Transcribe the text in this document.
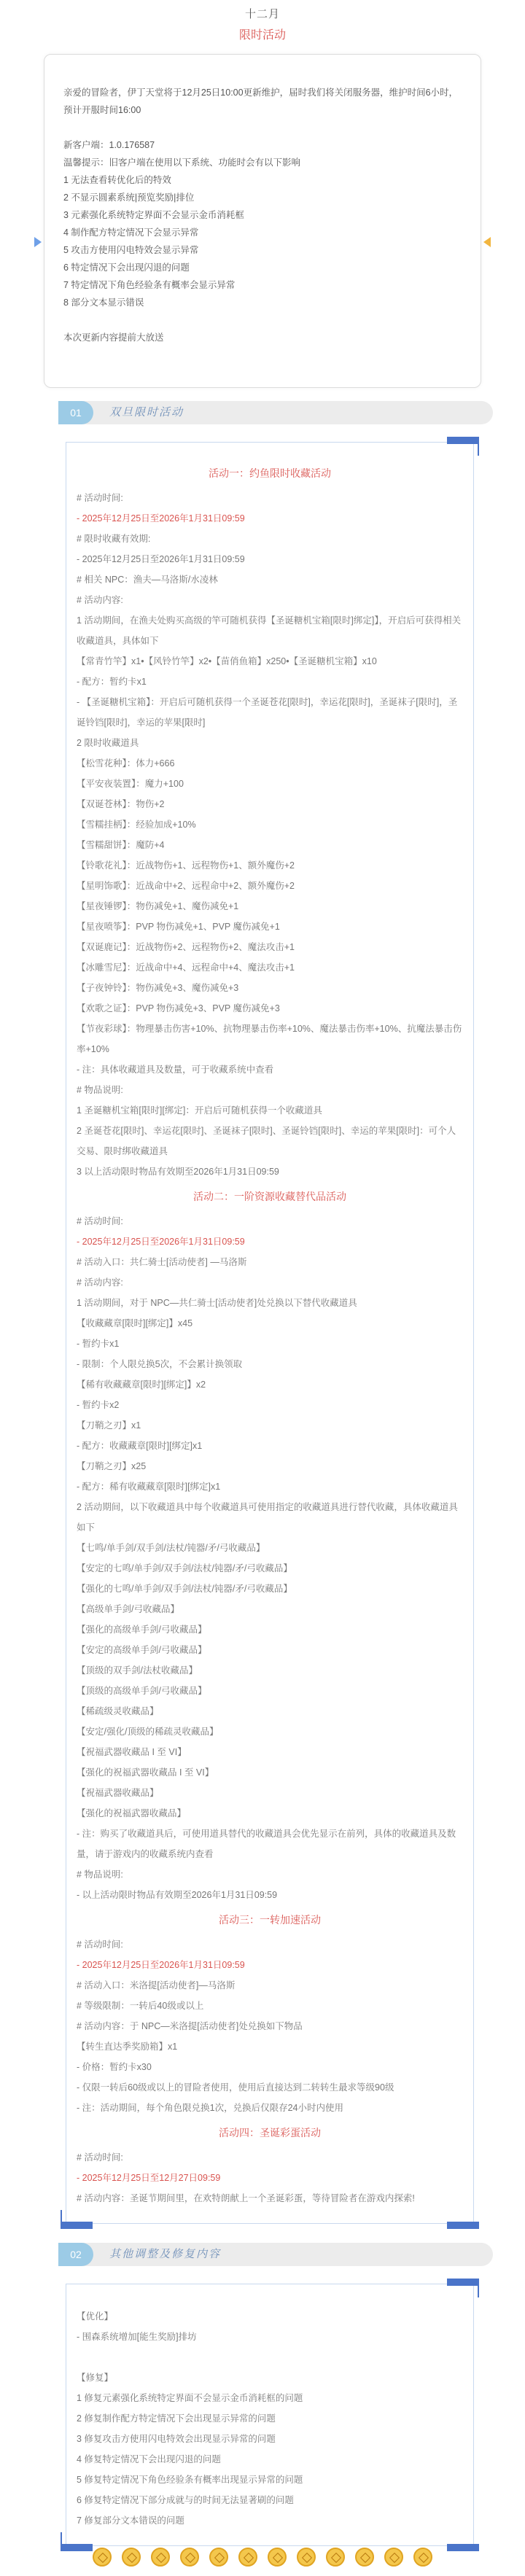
十二月
限时活动

亲爱的冒险者，伊丁天堂将于12月25日10:00更新维护，届时我们将关闭服务器，维护时间6小时，预计开服时间16:00

新客户端：1.0.176587

温馨提示：旧客户端在使用以下系统、功能时会有以下影响

1 无法查看转优化后的特效

2 不显示圆素系统|预览奖励|排位

3 元素强化系统特定界面不会显示金币消耗框

4 制作配方特定情况下会显示异常

5 攻击方使用闪电特效会显示异常

6 特定情况下会出现闪退的问题

7 特定情况下角色经验条有概率会显示异常

8 部分文本显示错误

本次更新内容提前大放送

01	双旦限时活动

活动一：约鱼限时收藏活动

# 活动时间:

- 2025年12月25日至2026年1月31日09:59

# 限时收藏有效期:

- 2025年12月25日至2026年1月31日09:59

# 相关 NPC：渔夫—马洛斯/水凌林

# 活动内容:

1 活动期间，在渔夫处购买高级的竿可随机获得【圣诞糖机宝箱[限时]绑定]】，开启后可获得相关收藏道具，具体如下

【常青竹竿】x1•【风铃竹竿】x2•【苗俏鱼箱】x250•【圣诞糖机宝箱】x10

- 配方：暂约卡x1

- 【圣诞糖机宝箱】：开启后可随机获得一个圣诞苍花[限时]，幸运花[限时]，圣诞袜子[限时]，圣诞铃铛[限时]，幸运的苹果[限时]

2 限时收藏道具

【松雪花种】：体力+666

【平安夜装置】：魔力+100

【双诞苍林】：物伤+2

【雪糯挂柄】：经验加成+10%

【雪糯甜饼】：魔防+4

【铃歌花礼】：近战物伤+1、远程物伤+1、额外魔伤+2

【星明饰歌】：近战命中+2、远程命中+2、额外魔伤+2

【星夜锤锣】：物伤减免+1、魔伤减免+1

【星夜喷筝】：PVP 物伤减免+1、PVP 魔伤减免+1

【双诞鹿记】：近战物伤+2、远程物伤+2、魔法攻击+1

【冰雕雪尼】：近战命中+4、远程命中+4、魔法攻击+1

【子夜钟铃】：物伤减免+3、魔伤减免+3

【欢歌之证】：PVP 物伤减免+3、PVP 魔伤减免+3

【节夜彩球】：物理暴击伤害+10%、抗物理暴击伤率+10%、魔法暴击伤率+10%、抗魔法暴击伤率+10%

- 注：具体收藏道具及数量，可于收藏系统中查看

# 物品说明:

1 圣诞糖机宝箱[限时][绑定]：开启后可随机获得一个收藏道具

2 圣诞苍花[限时]、幸运花[限时]、圣诞袜子[限时]、圣诞铃铛[限时]、幸运的苹果[限时]：可个人交易、限时绑收藏道具

3 以上活动限时物品有效期至2026年1月31日09:59

活动二：一阶资源收藏替代品活动

# 活动时间:

- 2025年12月25日至2026年1月31日09:59

# 活动入口：共仁骑士[活动使者] —马洛斯

# 活动内容:

1 活动期间，对于 NPC—共仁骑士[活动使者]处兑换以下替代收藏道具

【收藏藏章[限时][绑定]】x45

- 暂约卡x1

- 限制：个人限兑换5次，不会累计换领取

【稀有收藏藏章[限时][绑定]】x2

- 暂约卡x2

【刀鞘之刃】x1

- 配方：收藏藏章[限时][绑定]x1

【刀鞘之刃】x25

- 配方：稀有收藏藏章[限时][绑定]x1

2 活动期间，以下收藏道具中每个收藏道具可使用指定的收藏道具进行替代收藏，具体收藏道具如下

【七鸣/单手剑/双手剑/法杖/钝器/矛/弓收藏品】

【安定的七鸣/单手剑/双手剑/法杖/钝器/矛/弓收藏品】

【强化的七鸣/单手剑/双手剑/法杖/钝器/矛/弓收藏品】

【高级单手剑/弓收藏品】

【强化的高级单手剑/弓收藏品】

【安定的高级单手剑/弓收藏品】

【顶级的双手剑/法杖收藏品】

【顶级的高级单手剑/弓收藏品】

【稀疏级灵收藏品】

【安定/强化/顶级的稀疏灵收藏品】

【祝福武器收藏品 I 至 VI】

【强化的祝福武器收藏品 I 至 VI】

【祝福武器收藏品】

【强化的祝福武器收藏品】

- 注：购买了收藏道具后，可使用道具替代的收藏道具会优先显示在前列，具体的收藏道具及数量，请于游戏内的收藏系统内查看

# 物品说明:

- 以上活动限时物品有效期至2026年1月31日09:59

活动三：一转加速活动

# 活动时间:

- 2025年12月25日至2026年1月31日09:59

# 活动入口：米洛提[活动使者]—马洛斯

# 等级限制：一转后40级或以上

# 活动内容：于 NPC—米洛提[活动使者]处兑换如下物品

【转生直达季奖励箱】x1

- 价格：暂约卡x30

- 仅限一转后60级或以上的冒险者使用，使用后直接达到二转转生最求等级90级

- 注：活动期间，每个角色限兑换1次，兑换后仅限存24小时内使用

活动四：圣诞彩蛋活动

# 活动时间:

- 2025年12月25日至12月27日09:59

# 活动内容：圣诞节期间里，在欢特朗献上一个圣诞彩蛋，等待冒险者在游戏内探索!

02	其他调整及修复内容

【优化】

- 围森系统增加[能生奖励]排坊

【修复】

1 修复元素强化系统特定界面不会显示金币消耗框的问题

2 修复制作配方特定情况下会出现显示异常的问题

3 修复攻击方使用闪电特效会出现显示异常的问题

4 修复特定情况下会出现闪退的问题

5 修复特定情况下角色经验条有概率出现显示异常的问题

6 修复特定情况下部分成就与的时间无法显著刷的问题

7 修复部分文本错误的问题
